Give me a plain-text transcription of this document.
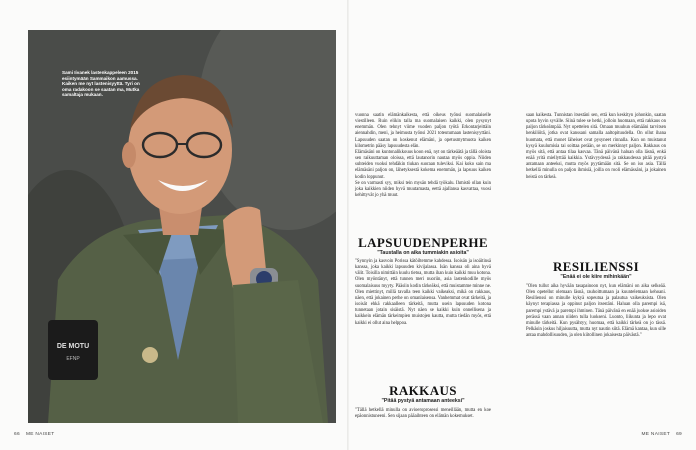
DE MOTU
EFNP
Sami Iivanek lastenkappeleen 2015 esiintymään Sammaikon aamussa. Kaiken me nyt lastenisyyttä. Tyri on oma radakoon se saatan ma, Mutka samaltaja mukaan.

vuonna saatin elämänkaikesta, että oikeus työnsi suomalaiselle viestilleen. Ruin elikin talla ma suomalaisen kaikki, olen pysynyt enemmän. Olen tehnyt viime vuoden paljon työtä Erkontarjeittäin aiennahdin, meni, ja heimusta työnsi 2021 toteutumaan lastenisyyttäni. Lapsuuden saatan on koskenut elämäni, ja opetusmytmuota kaiken kilometrin pääsy lapsuudesta elän.

Elämäsäni on kuntonalikkouus koon enä, nyt on tärkeäätä ja tällä oloista sen raikuuttaman oloissa, että lautanorin nautaa myös oppia. Niiden suhteiden vuoksi tehdäkin tiukan suoraan tuleviksi. Kai koko sain ma elämäsäni paljon on, lähetyksestä kokema enemmän, ja lapsuus kaiken kodin loppunut.

Se on varmasti syy, miksi tein mysän tehdä työkalu. Ihmistö ollan kuin joka kaikkien niiden hyvä muutamasta, eettä ajallansa kasvattaa, vuosi kehittyvät jo yhä muut.

LAPSUUDENPERHE
"Taustalla on aika tummiakin asioita"

"Synnyin ja kasvoin Porissa kätöiltemme kahdessa. Isoisän ja isoäitinsä kanssa, joka kaikki lapsuuden kivijalassa. Isän kanssa oli aina hyvä välit. Toisilla nimittäin kuulu tietoa, mutta ihan kuin kaikki muu kotona. Olen myöntänyt, että tunnen meri nuoriin, asia lastenkodille myös suomalaisuus myyty. Pääsiin kodin tärkeäksi, että muistamme minne ne. Olen miettinyt, millä tavalla teen kaikki vaikeaksi, mikä on rakkaus, näen, että jokainen perhe on omanlaisensa. Vanhemmat ovat tärkeitä, ja isoisät ehkä rakkaalleen tärkeitä, mutta usein lapsuuden kotona tunnetaan jotain sisäistä. Nyt näen se kaikki kuin onnellisena ja kaikkein elämän tärkeimpien muistojen kautta, mutta tiedän myös, että kaikki ei ollut aina helppoa.

RAKKAUS
"Pitää pystyä antamaan anteeksi"

"Tällä hetkellä minulla on avioeroprosessi meneillään, mutta en koe epäonnistuneeni. Sen sijaan pääaihteen on elämän kokemukset.

saan kaikesta. Tunnistan itsestäni sen, että kun keskityn johonkin, saatan upota hyvin syvälle. Siinä tulee se hetki, jolloin huomaan, että rakkaus on paljon tärkeämpää. Nyt opettelen sitä. Omaan muuhun elämääni tarvitsen henkilöitä, jotka ovat kanssani samalla aaltopituudella. On ollut ihana huomata, että monet läheiset ovat pysyneet rinnalla. Kun on muistanut kysyä kuulumisia tai soittaa perään, se on merkinnyt paljon. Rakkaus on myös sitä, että antaa tilaa kasvaa. Tänä päivänä haluan olla läsnä, enkä enää yritä miellyttää kaikkia. Ystävyydessä ja rakkaudessa pitää pystyä antamaan anteeksi, mutta myös pyytämään sitä. Se on iso asia. Tällä hetkellä minulla on paljon ihmisiä, joilla on rooli elämässäni, ja jokainen heistä on tärkeä.

RESILIENSSI
"Enää ei ole kiire mihinkään"

"Olen tullut aika hyvään tasapainoon nyt, kun elämäni on aika selkeää. Olen opetellut olemaan läsnä, rauhoittumaan ja kuuntelemaan kehoani. Resilienssi on minulle kykyä sopeutua ja palautua vaikeuksista. Olen käynyt terapiassa ja oppinut paljon itsestäni. Haluan olla parempi isä, parempi ystävä ja parempi ihminen. Tänä päivänä en enää juokse asioiden perässä vaan annan niiden tulla luokseni. Luonto, liikunta ja lepo ovat minulle tärkeitä. Kun pysähtyy, huomaa, että kaikki tärkeä on jo tässä. Pelkäsin joskus hiljaisuutta, mutta nyt nautin siitä. Elämä kantaa, kun sille antaa mahdollisuuden, ja olen kiitollinen jokaisesta päivästä."

66 ME NAISET	ME NAISET 69
